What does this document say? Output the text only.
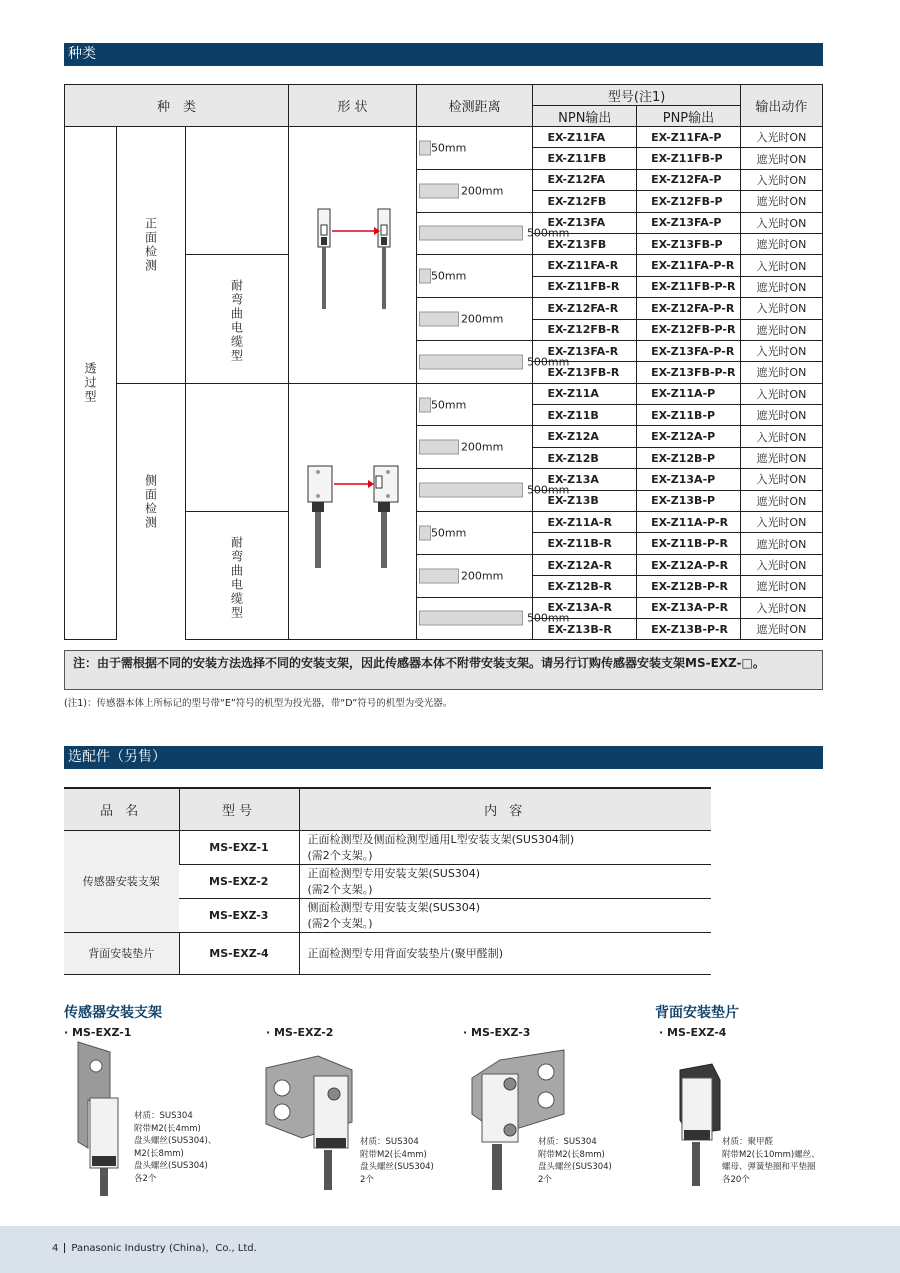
种类
种　类			形 状	检测距离	型号(注1)		输出动作
					NPN输出	PNP输出	

透过型	正面检测			50mm	EX-Z11FA	EX-Z11FA-P	入光时ON
					EX-Z11FB	EX-Z11FB-P	遮光时ON

				200mm	EX-Z12FA	EX-Z12FA-P	入光时ON
					EX-Z12FB	EX-Z12FB-P	遮光时ON

				500mm	EX-Z13FA	EX-Z13FA-P	入光时ON
					EX-Z13FB	EX-Z13FB-P	遮光时ON

		耐弯曲电缆型		50mm	EX-Z11FA-R	EX-Z11FA-P-R	入光时ON
					EX-Z11FB-R	EX-Z11FB-P-R	遮光时ON

				200mm	EX-Z12FA-R	EX-Z12FA-P-R	入光时ON
					EX-Z12FB-R	EX-Z12FB-P-R	遮光时ON

				500mm	EX-Z13FA-R	EX-Z13FA-P-R	入光时ON
					EX-Z13FB-R	EX-Z13FB-P-R	遮光时ON

	侧面检测			50mm	EX-Z11A	EX-Z11A-P	入光时ON
					EX-Z11B	EX-Z11B-P	遮光时ON

				200mm	EX-Z12A	EX-Z12A-P	入光时ON
					EX-Z12B	EX-Z12B-P	遮光时ON

				500mm	EX-Z13A	EX-Z13A-P	入光时ON
					EX-Z13B	EX-Z13B-P	遮光时ON

		耐弯曲电缆型		50mm	EX-Z11A-R	EX-Z11A-P-R	入光时ON
					EX-Z11B-R	EX-Z11B-P-R	遮光时ON

				200mm	EX-Z12A-R	EX-Z12A-P-R	入光时ON
					EX-Z12B-R	EX-Z12B-P-R	遮光时ON

				500mm	EX-Z13A-R	EX-Z13A-P-R	入光时ON
					EX-Z13B-R	EX-Z13B-P-R	遮光时ON
注：由于需根据不同的安装方法选择不同的安装支架，因此传感器本体不附带安装支架。请另行订购传感器安装支架MS-EXZ-□。
(注1)：传感器本体上所标记的型号带“E”符号的机型为投光器，带“D”符号的机型为受光器。
选配件（另售）
品 名	型号	内 容
传感器安装支架	MS-EXZ-1	正面检测型及侧面检测型通用L型安装支架(SUS304制)
(需2个支架。)

	MS-EXZ-2	正面检测型专用安装支架(SUS304)
(需2个支架。)

	MS-EXZ-3	侧面检测型专用安装支架(SUS304)
(需2个支架。)

背面安装垫片	MS-EXZ-4	正面检测型专用背面安装垫片(聚甲醛制)
传感器安装支架	背面安装垫片
· MS-EXZ-1	· MS-EXZ-2	· MS-EXZ-3	· MS-EXZ-4
材质：SUS304
附带M2(长4mm)
盘头螺丝(SUS304)、
M2(长8mm)
盘头螺丝(SUS304)
各2个
材质：SUS304
附带M2(长4mm)
盘头螺丝(SUS304)
2个
材质：SUS304
附带M2(长8mm)
盘头螺丝(SUS304)
2个
材质：聚甲醛
附带M2(长10mm)螺丝、
螺母、弹簧垫圈和平垫圈
各20个
4 Panasonic Industry (China)，Co., Ltd.
